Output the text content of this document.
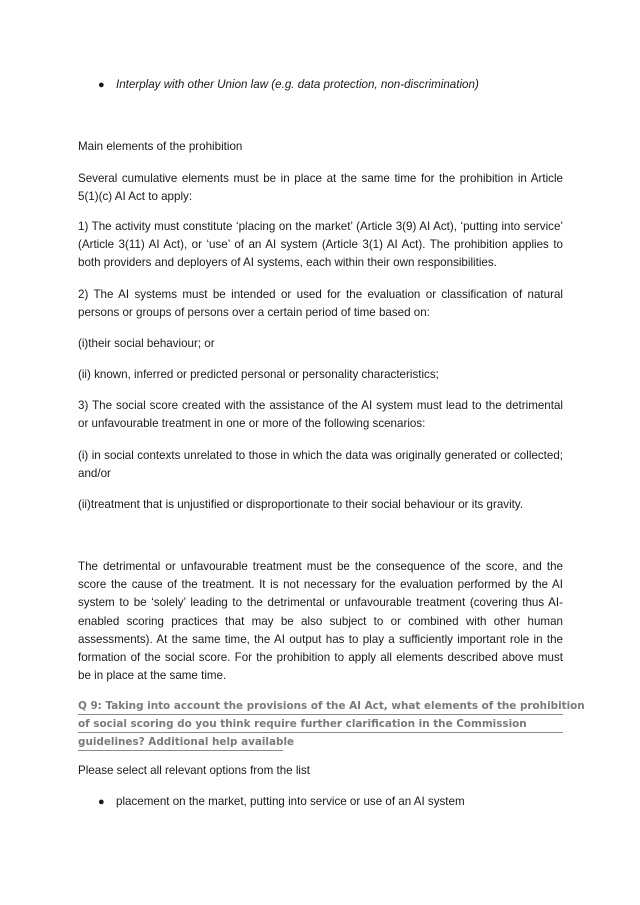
● Interplay with other Union law (e.g. data protection, non-discrimination)

Main elements of the prohibition

Several cumulative elements must be in place at the same time for the prohibition in Article 5(1)(c) AI Act to apply:

1) The activity must constitute ‘placing on the market’ (Article 3(9) AI Act), ‘putting into service’ (Article 3(11) AI Act), or ‘use’ of an AI system (Article 3(1) AI Act). The prohibition applies to both providers and deployers of AI systems, each within their own responsibilities.

2) The AI systems must be intended or used for the evaluation or classification of natural persons or groups of persons over a certain period of time based on:

(i)their social behaviour; or

(ii) known, inferred or predicted personal or personality characteristics;

3) The social score created with the assistance of the AI system must lead to the detrimental or unfavourable treatment in one or more of the following scenarios:

(i) in social contexts unrelated to those in which the data was originally generated or collected; and/or

(ii)treatment that is unjustified or disproportionate to their social behaviour or its gravity.

The detrimental or unfavourable treatment must be the consequence of the score, and the score the cause of the treatment. It is not necessary for the evaluation performed by the AI system to be ‘solely’ leading to the detrimental or unfavourable treatment (covering thus AI-enabled scoring practices that may be also subject to or combined with other human assessments). At the same time, the AI output has to play a sufficiently important role in the formation of the social score. For the prohibition to apply all elements described above must be in place at the same time.

Q 9: Taking into account the provisions of the AI Act, what elements of the prohibition
of social scoring do you think require further clarification in the Commission
guidelines? Additional help available

Please select all relevant options from the list

● placement on the market, putting into service or use of an AI system
